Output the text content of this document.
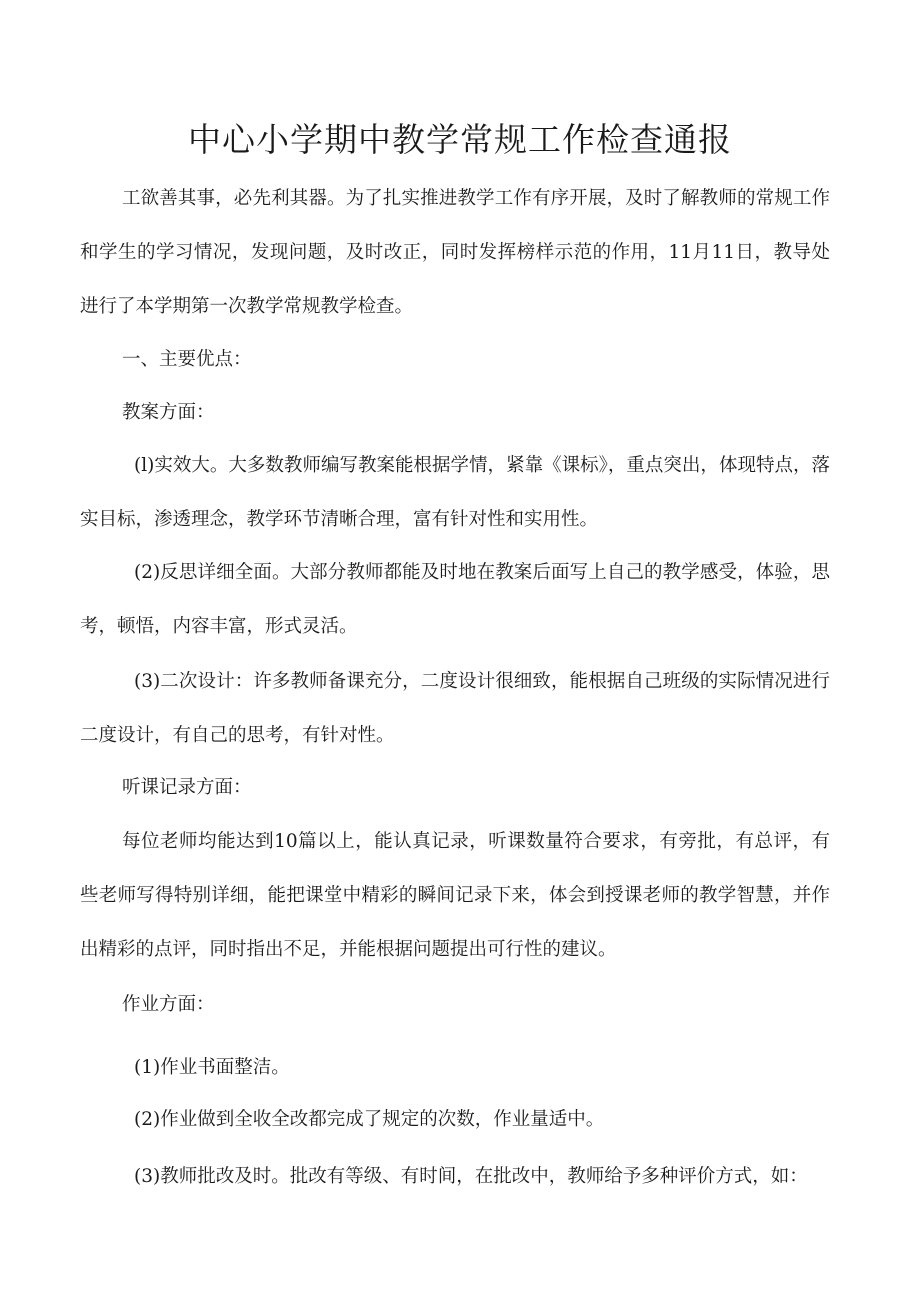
中心小学期中教学常规工作检查通报

工欲善其事，必先利其器。为了扎实推进教学工作有序开展，及时了解教师的常规工作和学生的学习情况，发现问题，及时改正，同时发挥榜样示范的作用，11月11日，教导处进行了本学期第一次教学常规教学检查。

一、主要优点：

教案方面：

(l)实效大。大多数教师编写教案能根据学情，紧靠《课标》，重点突出，体现特点，落实目标，渗透理念，教学环节清晰合理，富有针对性和实用性。

(2)反思详细全面。大部分教师都能及时地在教案后面写上自己的教学感受，体验，思考，顿悟，内容丰富，形式灵活。

(3)二次设计：许多教师备课充分，二度设计很细致，能根据自己班级的实际情况进行二度设计，有自己的思考，有针对性。

听课记录方面：

每位老师均能达到10篇以上，能认真记录，听课数量符合要求，有旁批，有总评，有些老师写得特别详细，能把课堂中精彩的瞬间记录下来，体会到授课老师的教学智慧，并作出精彩的点评，同时指出不足，并能根据问题提出可行性的建议。

作业方面：

(1)作业书面整洁。

(2)作业做到全收全改都完成了规定的次数，作业量适中。

(3)教师批改及时。批改有等级、有时间，在批改中，教师给予多种评价方式，如：
